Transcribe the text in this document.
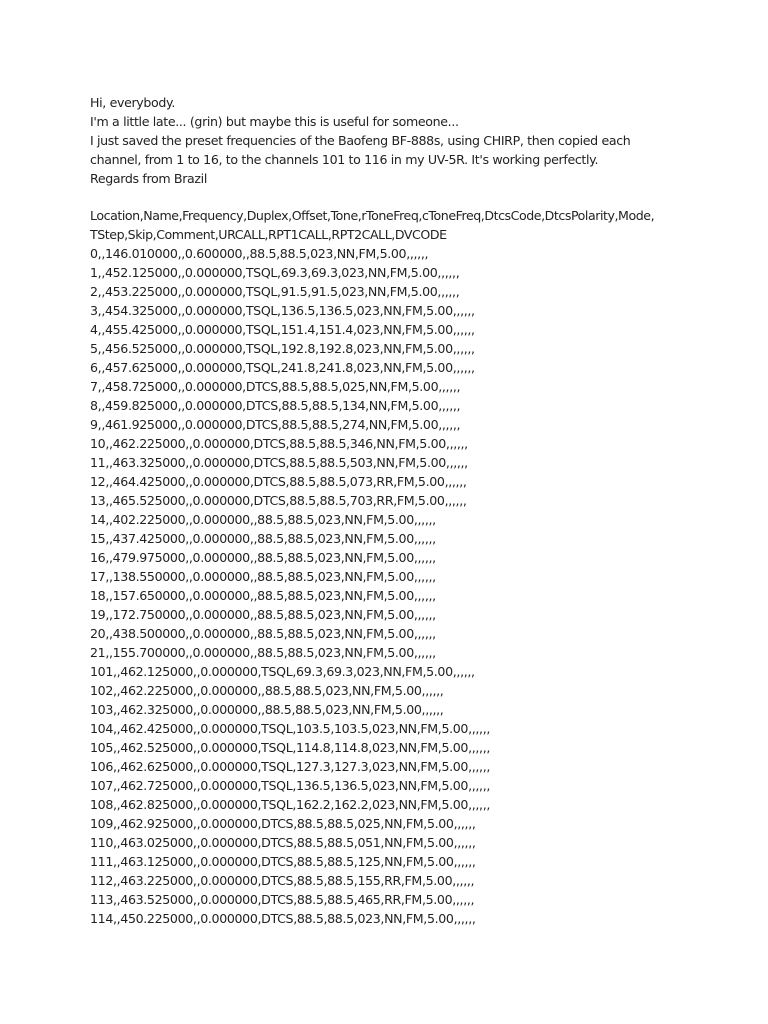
Hi, everybody.
I'm a little late... (grin) but maybe this is useful for someone...
I just saved the preset frequencies of the Baofeng BF-888s, using CHIRP, then copied each
channel, from 1 to 16, to the channels 101 to 116 in my UV-5R. It's working perfectly.
Regards from Brazil
Location,Name,Frequency,Duplex,Offset,Tone,rToneFreq,cToneFreq,DtcsCode,DtcsPolarity,Mode,
TStep,Skip,Comment,URCALL,RPT1CALL,RPT2CALL,DVCODE
0,,146.010000,,0.600000,,88.5,88.5,023,NN,FM,5.00,,,,,,
1,,452.125000,,0.000000,TSQL,69.3,69.3,023,NN,FM,5.00,,,,,,
2,,453.225000,,0.000000,TSQL,91.5,91.5,023,NN,FM,5.00,,,,,,
3,,454.325000,,0.000000,TSQL,136.5,136.5,023,NN,FM,5.00,,,,,,
4,,455.425000,,0.000000,TSQL,151.4,151.4,023,NN,FM,5.00,,,,,,
5,,456.525000,,0.000000,TSQL,192.8,192.8,023,NN,FM,5.00,,,,,,
6,,457.625000,,0.000000,TSQL,241.8,241.8,023,NN,FM,5.00,,,,,,
7,,458.725000,,0.000000,DTCS,88.5,88.5,025,NN,FM,5.00,,,,,,
8,,459.825000,,0.000000,DTCS,88.5,88.5,134,NN,FM,5.00,,,,,,
9,,461.925000,,0.000000,DTCS,88.5,88.5,274,NN,FM,5.00,,,,,,
10,,462.225000,,0.000000,DTCS,88.5,88.5,346,NN,FM,5.00,,,,,,
11,,463.325000,,0.000000,DTCS,88.5,88.5,503,NN,FM,5.00,,,,,,
12,,464.425000,,0.000000,DTCS,88.5,88.5,073,RR,FM,5.00,,,,,,
13,,465.525000,,0.000000,DTCS,88.5,88.5,703,RR,FM,5.00,,,,,,
14,,402.225000,,0.000000,,88.5,88.5,023,NN,FM,5.00,,,,,,
15,,437.425000,,0.000000,,88.5,88.5,023,NN,FM,5.00,,,,,,
16,,479.975000,,0.000000,,88.5,88.5,023,NN,FM,5.00,,,,,,
17,,138.550000,,0.000000,,88.5,88.5,023,NN,FM,5.00,,,,,,
18,,157.650000,,0.000000,,88.5,88.5,023,NN,FM,5.00,,,,,,
19,,172.750000,,0.000000,,88.5,88.5,023,NN,FM,5.00,,,,,,
20,,438.500000,,0.000000,,88.5,88.5,023,NN,FM,5.00,,,,,,
21,,155.700000,,0.000000,,88.5,88.5,023,NN,FM,5.00,,,,,,
101,,462.125000,,0.000000,TSQL,69.3,69.3,023,NN,FM,5.00,,,,,,
102,,462.225000,,0.000000,,88.5,88.5,023,NN,FM,5.00,,,,,,
103,,462.325000,,0.000000,,88.5,88.5,023,NN,FM,5.00,,,,,,
104,,462.425000,,0.000000,TSQL,103.5,103.5,023,NN,FM,5.00,,,,,,
105,,462.525000,,0.000000,TSQL,114.8,114.8,023,NN,FM,5.00,,,,,,
106,,462.625000,,0.000000,TSQL,127.3,127.3,023,NN,FM,5.00,,,,,,
107,,462.725000,,0.000000,TSQL,136.5,136.5,023,NN,FM,5.00,,,,,,
108,,462.825000,,0.000000,TSQL,162.2,162.2,023,NN,FM,5.00,,,,,,
109,,462.925000,,0.000000,DTCS,88.5,88.5,025,NN,FM,5.00,,,,,,
110,,463.025000,,0.000000,DTCS,88.5,88.5,051,NN,FM,5.00,,,,,,
111,,463.125000,,0.000000,DTCS,88.5,88.5,125,NN,FM,5.00,,,,,,
112,,463.225000,,0.000000,DTCS,88.5,88.5,155,RR,FM,5.00,,,,,,
113,,463.525000,,0.000000,DTCS,88.5,88.5,465,RR,FM,5.00,,,,,,
114,,450.225000,,0.000000,DTCS,88.5,88.5,023,NN,FM,5.00,,,,,,
